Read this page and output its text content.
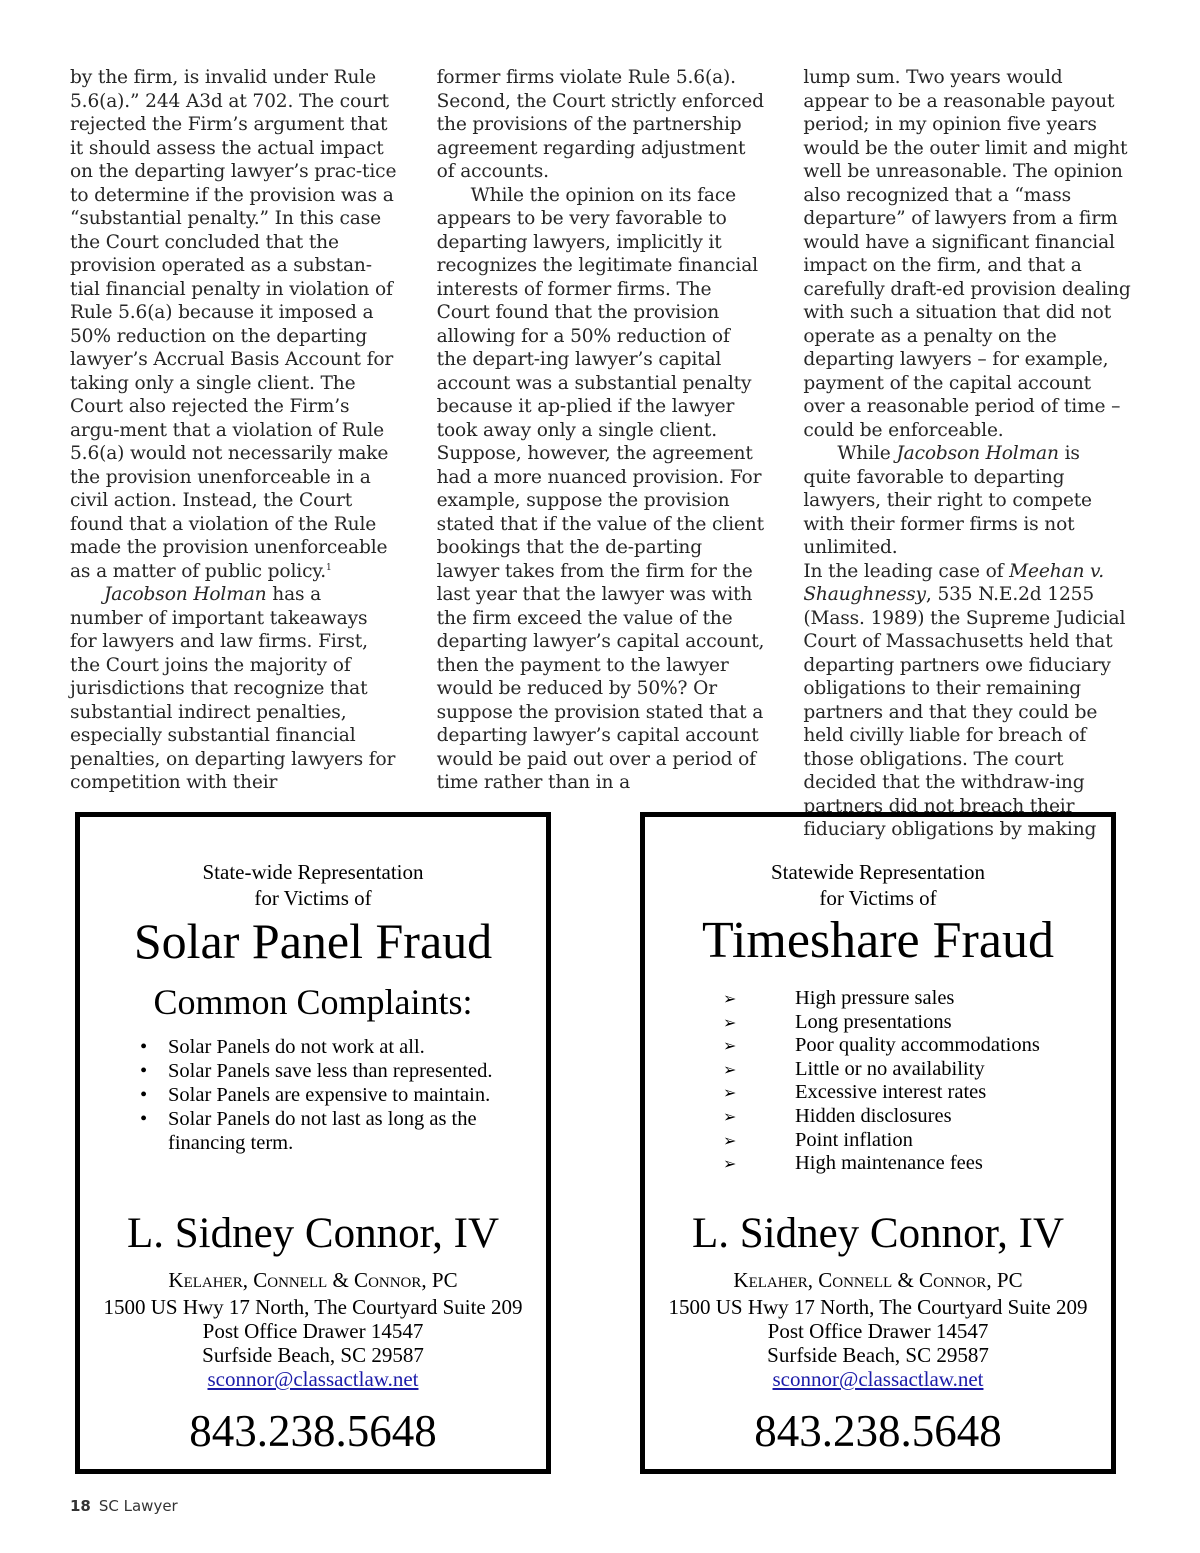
by the firm, is invalid under Rule 5.6(a).” 244 A3d at 702. The court rejected the Firm’s argument that it should assess the actual impact on the departing lawyer’s prac-tice to determine if the provision was a “substantial penalty.” In this case the Court concluded that the provision operated as a substan-tial financial penalty in violation of Rule 5.6(a) because it imposed a 50% reduction on the departing lawyer’s Accrual Basis Account for taking only a single client. The Court also rejected the Firm’s argu-ment that a violation of Rule 5.6(a) would not necessarily make the provision unenforceable in a civil action. Instead, the Court found that a violation of the Rule made the provision unenforceable as a matter of public policy.$^1$

Jacobson Holman has a number of important takeaways for lawyers and law firms. First, the Court joins the majority of jurisdictions that recognize that substantial indirect penalties, especially substantial financial penalties, on departing lawyers for competition with their

former firms violate Rule 5.6(a). Second, the Court strictly enforced the provisions of the partnership agreement regarding adjustment of accounts.

While the opinion on its face appears to be very favorable to departing lawyers, implicitly it recognizes the legitimate financial interests of former firms. The Court found that the provision allowing for a 50% reduction of the depart-ing lawyer’s capital account was a substantial penalty because it ap-plied if the lawyer took away only a single client. Suppose, however, the agreement had a more nuanced provision. For example, suppose the provision stated that if the value of the client bookings that the de-parting lawyer takes from the firm for the last year that the lawyer was with the firm exceed the value of the departing lawyer’s capital account, then the payment to the lawyer would be reduced by 50%? Or suppose the provision stated that a departing lawyer’s capital account would be paid out over a period of time rather than in a

lump sum. Two years would appear to be a reasonable payout period; in my opinion five years would be the outer limit and might well be unreasonable. The opinion also recognized that a “mass departure” of lawyers from a firm would have a significant financial impact on the firm, and that a carefully draft-ed provision dealing with such a situation that did not operate as a penalty on the departing lawyers – for example, payment of the capital account over a reasonable period of time – could be enforceable.

While Jacobson Holman is quite favorable to departing lawyers, their right to compete with their former firms is not unlimited.

In the leading case of Meehan v. Shaughnessy, 535 N.E.2d 1255 (Mass. 1989) the Supreme Judicial Court of Massachusetts held that departing partners owe fiduciary obligations to their remaining partners and that they could be held civilly liable for breach of those obligations. The court decided that the withdraw-ing partners did not breach their fiduciary obligations by making

State-wide Representation
for Victims of
Solar Panel Fraud
Common Complaints:
• Solar Panels do not work at all.
• Solar Panels save less than represented.
• Solar Panels are expensive to maintain.
• Solar Panels do not last as long as the financing term.
L. Sidney Connor, IV
Kelaher, Connell & Connor, PC
1500 US Hwy 17 North, The Courtyard Suite 209
Post Office Drawer 14547
Surfside Beach, SC 29587
sconnor@classactlaw.net
843.238.5648
Statewide Representation
for Victims of
Timeshare Fraud
➢	High pressure sales
➢	Long presentations
➢	Poor quality accommodations
➢	Little or no availability
➢	Excessive interest rates
➢	Hidden disclosures
➢	Point inflation
➢	High maintenance fees
L. Sidney Connor, IV
Kelaher, Connell & Connor, PC
1500 US Hwy 17 North, The Courtyard Suite 209
Post Office Drawer 14547
Surfside Beach, SC 29587
sconnor@classactlaw.net
843.238.5648
18 SC Lawyer
